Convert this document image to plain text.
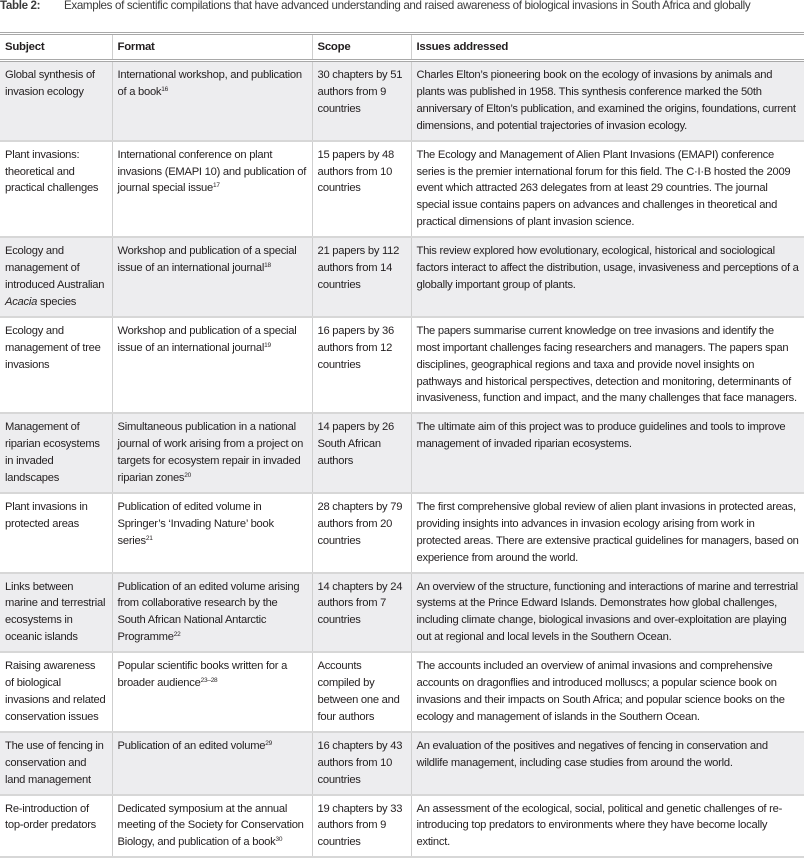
Table 2: Examples of scientific compilations that have advanced understanding and raised awareness of biological invasions in South Africa and globally
Subject	Format	Scope	Issues addressed
Global synthesis of invasion ecology	International workshop, and publication of a book$^{16}$	30 chapters by 51 authors from 9 countries	Charles Elton’s pioneering book on the ecology of invasions by animals and plants was published in 1958. This synthesis conference marked the 50th anniversary of Elton’s publication, and examined the origins, foundations, current dimensions, and potential trajectories of invasion ecology.
Plant invasions: theoretical and practical challenges	International conference on plant invasions (EMAPI 10) and publication of journal special issue$^{17}$	15 papers by 48 authors from 10 countries	The Ecology and Management of Alien Plant Invasions (EMAPI) conference series is the premier international forum for this field. The C·I·B hosted the 2009 event which attracted 263 delegates from at least 29 countries. The journal special issue contains papers on advances and challenges in theoretical and practical dimensions of plant invasion science.
Ecology and management of introduced Australian Acacia species	Workshop and publication of a special issue of an international journal$^{18}$	21 papers by 112 authors from 14 countries	This review explored how evolutionary, ecological, historical and sociological factors interact to affect the distribution, usage, invasiveness and perceptions of a globally important group of plants.
Ecology and management of tree invasions	Workshop and publication of a special issue of an international journal$^{19}$	16 papers by 36 authors from 12 countries	The papers summarise current knowledge on tree invasions and identify the most important challenges facing researchers and managers. The papers span disciplines, geographical regions and taxa and provide novel insights on pathways and historical perspectives, detection and monitoring, determinants of invasiveness, function and impact, and the many challenges that face managers.
Management of riparian ecosystems in invaded landscapes	Simultaneous publication in a national journal of work arising from a project on targets for ecosystem repair in invaded riparian zones$^{20}$	14 papers by 26 South African authors	The ultimate aim of this project was to produce guidelines and tools to improve management of invaded riparian ecosystems.
Plant invasions in protected areas	Publication of edited volume in Springer’s ‘Invading Nature’ book series$^{21}$	28 chapters by 79 authors from 20 countries	The first comprehensive global review of alien plant invasions in protected areas, providing insights into advances in invasion ecology arising from work in protected areas. There are extensive practical guidelines for managers, based on experience from around the world.
Links between marine and terrestrial ecosystems in oceanic islands	Publication of an edited volume arising from collaborative research by the South African National Antarctic Programme$^{22}$	14 chapters by 24 authors from 7 countries	An overview of the structure, functioning and interactions of marine and terrestrial systems at the Prince Edward Islands. Demonstrates how global challenges, including climate change, biological invasions and over-exploitation are playing out at regional and local levels in the Southern Ocean.
Raising awareness of biological invasions and related conservation issues	Popular scientific books written for a broader audience$^{23-28}$	Accounts compiled by between one and four authors	The accounts included an overview of animal invasions and comprehensive accounts on dragonflies and introduced molluscs; a popular science book on invasions and their impacts on South Africa; and popular science books on the ecology and management of islands in the Southern Ocean.
The use of fencing in conservation and land management	Publication of an edited volume$^{29}$	16 chapters by 43 authors from 10 countries	An evaluation of the positives and negatives of fencing in conservation and wildlife management, including case studies from around the world.
Re-introduction of top-order predators	Dedicated symposium at the annual meeting of the Society for Conservation Biology, and publication of a book$^{30}$	19 chapters by 33 authors from 9 countries	An assessment of the ecological, social, political and genetic challenges of re-introducing top predators to environments where they have become locally extinct.
